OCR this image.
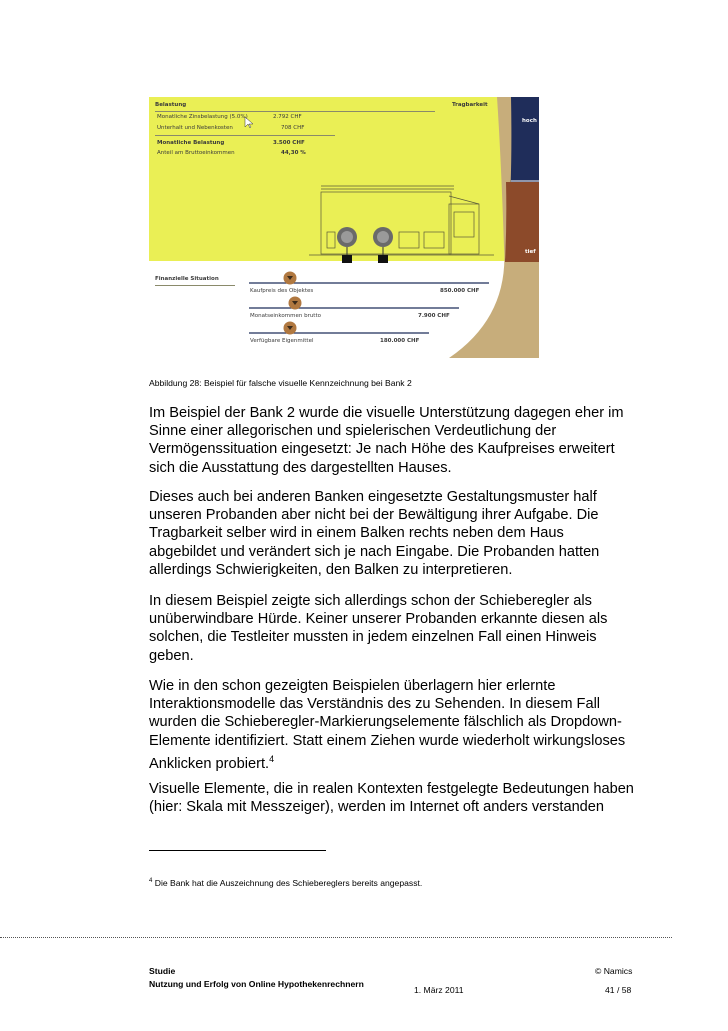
Belastung	Tragbarkeit
Monatliche Zinsbelastung (5.0%)	2.792 CHF
Unterhalt und Nebenkosten	708 CHF
Monatliche Belastung	3.500 CHF
Anteil am Bruttoeinkommen	44,30 %
hoch
tief
Finanzielle Situation
Kaufpreis des Objektes	850.000 CHF
Monatseinkommen brutto	7.900 CHF
Verfügbare Eigenmittel	180.000 CHF
Abbildung 28: Beispiel für falsche visuelle Kennzeichnung bei Bank 2
Im Beispiel der Bank 2 wurde die visuelle Unterstützung dagegen eher im
Sinne einer allegorischen und spielerischen Verdeutlichung der
Vermögenssituation eingesetzt: Je nach Höhe des Kaufpreises erweitert
sich die Ausstattung des dargestellten Hauses.
Dieses auch bei anderen Banken eingesetzte Gestaltungsmuster half
unseren Probanden aber nicht bei der Bewältigung ihrer Aufgabe. Die
Tragbarkeit selber wird in einem Balken rechts neben dem Haus
abgebildet und verändert sich je nach Eingabe. Die Probanden hatten
allerdings Schwierigkeiten, den Balken zu interpretieren.
In diesem Beispiel zeigte sich allerdings schon der Schieberegler als
unüberwindbare Hürde. Keiner unserer Probanden erkannte diesen als
solchen, die Testleiter mussten in jedem einzelnen Fall einen Hinweis
geben.
Wie in den schon gezeigten Beispielen überlagern hier erlernte
Interaktionsmodelle das Verständnis des zu Sehenden. In diesem Fall
wurden die Schieberegler-Markierungselemente fälschlich als Dropdown-
Elemente identifiziert. Statt einem Ziehen wurde wiederholt wirkungsloses
Anklicken probiert.$^4$
Visuelle Elemente, die in realen Kontexten festgelegte Bedeutungen haben
(hier: Skala mit Messzeiger), werden im Internet oft anders verstanden
$^4$ Die Bank hat die Auszeichnung des Schiebereglers bereits angepasst.
Studie
Nutzung und Erfolg von Online Hypothekenrechnern
1. März 2011
© Namics
41 / 58
